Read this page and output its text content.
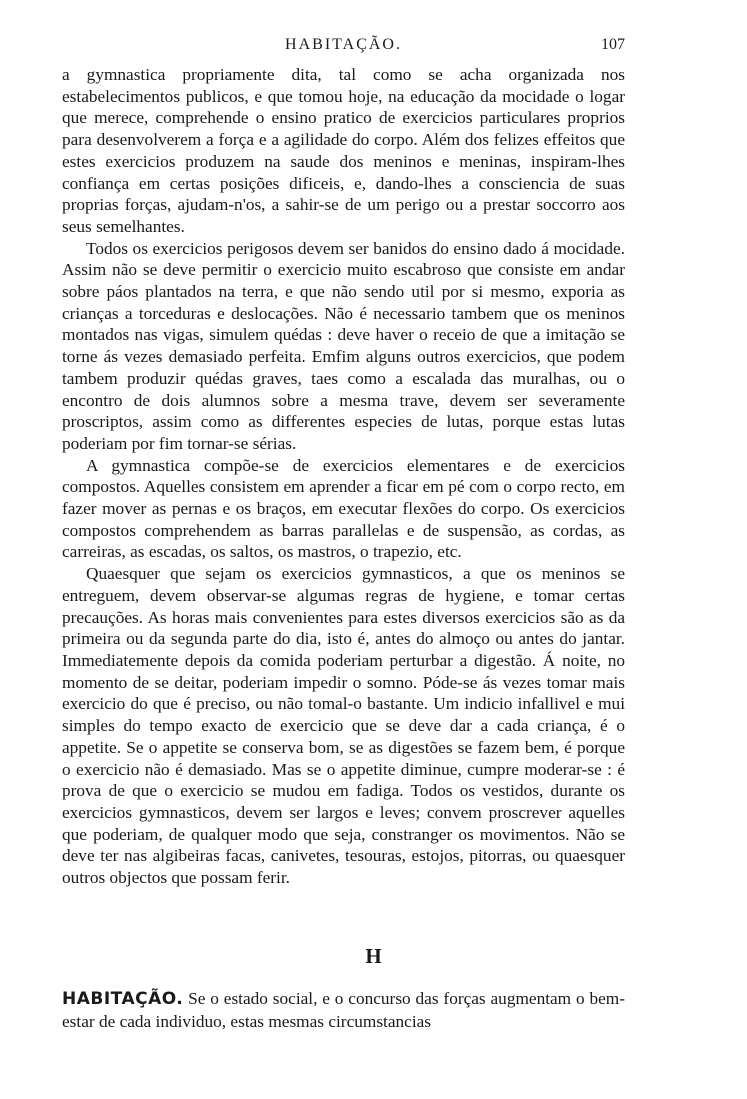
HABITAÇÃO.	107

a gymnastica propriamente dita, tal como se acha organizada nos estabelecimentos publicos, e que tomou hoje, na educação da mocidade o logar que merece, comprehende o ensino pratico de exercicios particulares proprios para desenvolverem a força e a agilidade do corpo. Além dos felizes effeitos que estes exercicios produzem na saude dos meninos e meninas, inspiram-lhes confiança em certas posições dificeis, e, dando-lhes a consciencia de suas proprias forças, ajudam-n'os, a sahir-se de um perigo ou a prestar soccorro aos seus semelhantes.

Todos os exercicios perigosos devem ser banidos do ensino dado á mocidade. Assim não se deve permitir o exercicio muito escabroso que consiste em andar sobre páos plantados na terra, e que não sendo util por si mesmo, exporia as crianças a torceduras e deslocações. Não é necessario tambem que os meninos montados nas vigas, simulem quédas : deve haver o receio de que a imitação se torne ás vezes demasiado perfeita. Emfim alguns outros exercicios, que podem tambem produzir quédas graves, taes como a escalada das muralhas, ou o encontro de dois alumnos sobre a mesma trave, devem ser severamente proscriptos, assim como as differentes especies de lutas, porque estas lutas poderiam por fim tornar-se sérias.

A gymnastica compõe-se de exercicios elementares e de exercicios compostos. Aquelles consistem em aprender a ficar em pé com o corpo recto, em fazer mover as pernas e os braços, em executar flexões do corpo. Os exercicios compostos comprehendem as barras parallelas e de suspensão, as cordas, as carreiras, as escadas, os saltos, os mastros, o trapezio, etc.

Quaesquer que sejam os exercicios gymnasticos, a que os meninos se entreguem, devem observar-se algumas regras de hygiene, e tomar certas precauções. As horas mais convenientes para estes diversos exercicios são as da primeira ou da segunda parte do dia, isto é, antes do almoço ou antes do jantar. Immediatemente depois da comida poderiam perturbar a digestão. Á noite, no momento de se deitar, poderiam impedir o somno. Póde-se ás vezes tomar mais exercicio do que é preciso, ou não tomal-o bastante. Um indicio infallivel e mui simples do tempo exacto de exercicio que se deve dar a cada criança, é o appetite. Se o appetite se conserva bom, se as digestões se fazem bem, é porque o exercicio não é demasiado. Mas se o appetite diminue, cumpre moderar-se : é prova de que o exercicio se mudou em fadiga. Todos os vestidos, durante os exercicios gymnasticos, devem ser largos e leves; convem proscrever aquelles que poderiam, de qualquer modo que seja, constranger os movimentos. Não se deve ter nas algibeiras facas, canivetes, tesouras, estojos, pitorras, ou quaesquer outros objectos que possam ferir.

H

HABITAÇÃO. Se o estado social, e o concurso das forças augmentam o bem-estar de cada individuo, estas mesmas circumstancias
